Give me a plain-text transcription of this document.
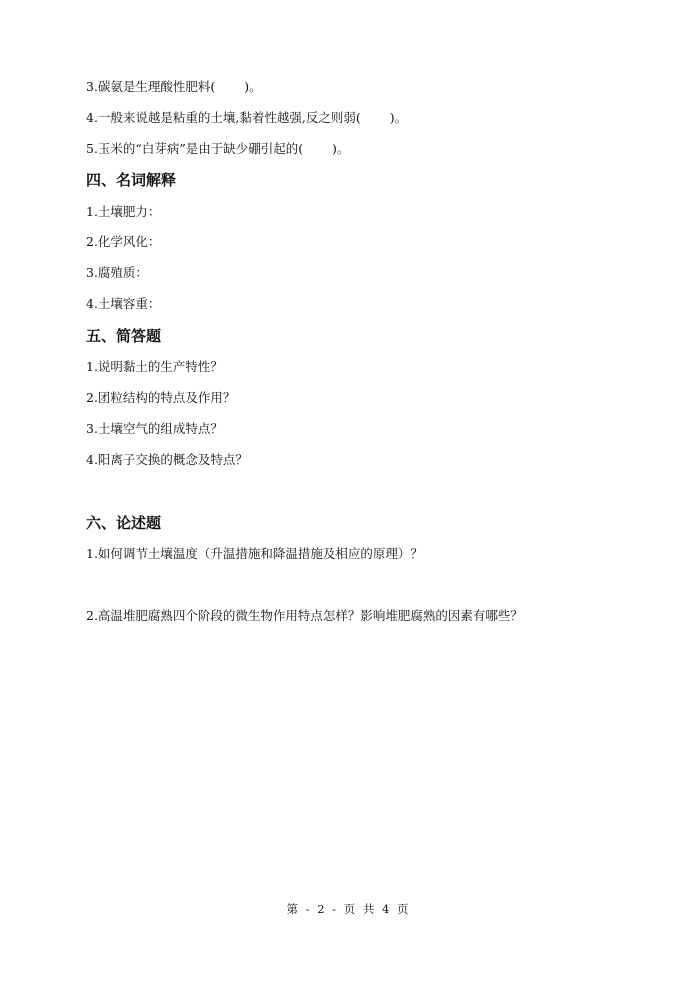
3.碳氨是生理酸性肥料(　　 )。
4.一般来说越是粘重的土壤,黏着性越强,反之则弱(　　 )。
5.玉米的“白芽病”是由于缺少硼引起的(　　 )。
四、名词解释
1.土壤肥力：
2.化学风化：
3.腐殖质：
4.土壤容重：
五、简答题
1.说明黏土的生产特性？
2.团粒结构的特点及作用？
3.土壤空气的组成特点？
4.阳离子交换的概念及特点？
六、论述题
1.如何调节土壤温度（升温措施和降温措施及相应的原理）？
2.高温堆肥腐熟四个阶段的微生物作用特点怎样？影响堆肥腐熟的因素有哪些？
第 - 2 - 页 共 4 页
